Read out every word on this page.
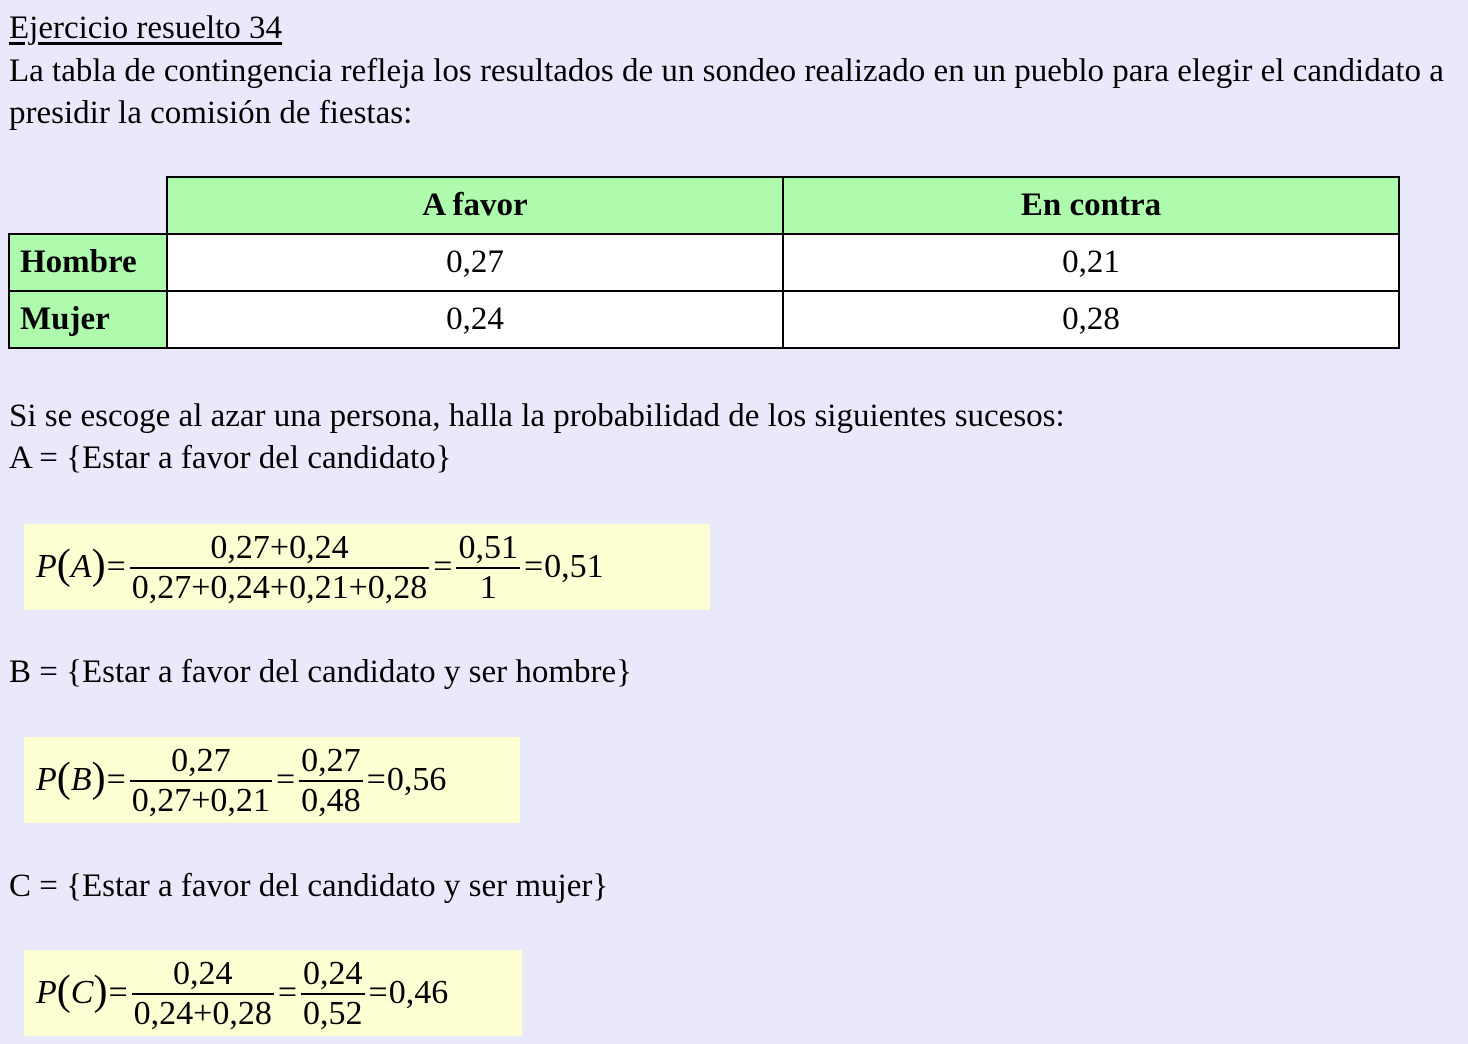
Ejercicio resuelto 34
La tabla de contingencia refleja los resultados de un sondeo realizado en un pueblo para elegir el candidato a presidir la comisión de fiestas:
	A favor	En contra
Hombre	0,27	0,21
Mujer	0,24	0,28
Si se escoge al azar una persona, halla la probabilidad de los siguientes sucesos:
A = {Estar a favor del candidato}
P ( A ) = $\frac{0,27+0,24}{0,27+0,24+0,21+0,28} = \frac{0,51}{1} = 0,51$
B = {Estar a favor del candidato y ser hombre}
P ( B ) = $\frac{0,27}{0,27+0,21} = \frac{0,27}{0,48} = 0,56$
C = {Estar a favor del candidato y ser mujer}
P ( C ) = $\frac{0,24}{0,24+0,28} = \frac{0,24}{0,52} = 0,46$
